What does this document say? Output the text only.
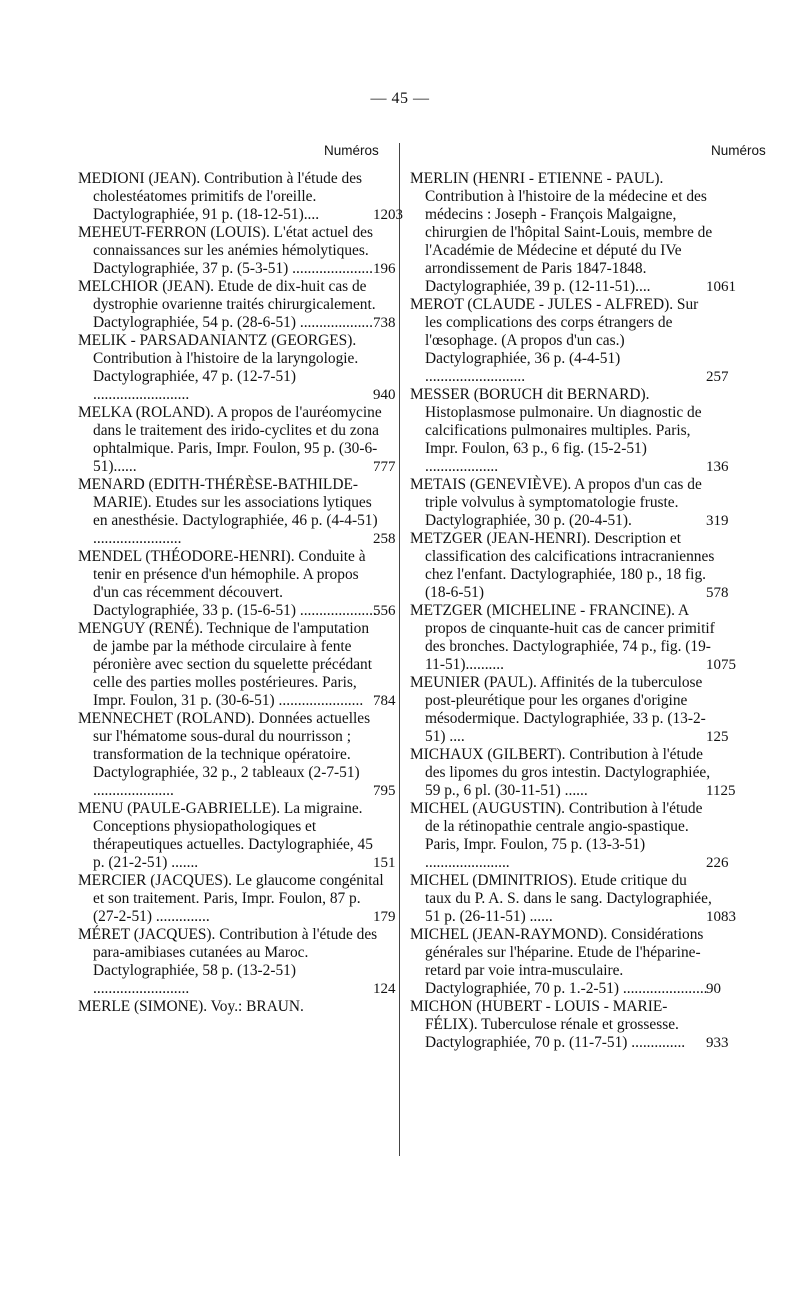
— 45 —
Numéros	Numéros

MEDIONI (JEAN). Contribution à l'étude des cholestéatomes primitifs de l'oreille. Dactylographiée, 91 p. (18-12-51)....	1203

MEHEUT-FERRON (LOUIS). L'état actuel des connaissances sur les anémies hémolytiques. Dactylographiée, 37 p. (5-3-51) ..................... 196

MELCHIOR (JEAN). Etude de dix-huit cas de dystrophie ovarienne traités chirurgicalement. Dactylographiée, 54 p. (28-6-51) ................... 738

MELIK - PARSADANIANTZ (GEORGES). Contribution à l'histoire de la laryngologie. Dactylographiée, 47 p. (12-7-51) .........................	940

MELKA (ROLAND). A propos de l'auréomycine dans le traitement des irido-cyclites et du zona ophtalmique. Paris, Impr. Foulon, 95 p. (30-6-51)......	777

MENARD (EDITH-THÉRÈSE-BATHILDE-MARIE). Etudes sur les associations lytiques en anesthésie. Dactylographiée, 46 p. (4-4-51) .......................	258

MENDEL (THÉODORE-HENRI). Conduite à tenir en présence d'un hémophile. A propos d'un cas récemment découvert. Dactylographiée, 33 p. (15-6-51) ....................
556

MENGUY (RENÉ). Technique de l'amputation de jambe par la méthode circulaire à fente péronière avec section du squelette précédant celle des parties molles postérieures. Paris, Impr. Foulon, 31 p. (30-6-51) ...................... 784

MENNECHET (ROLAND). Données actuelles sur l'hématome sous-dural du nourrisson ; transformation de la technique opératoire. Dactylographiée, 32 p., 2 tableaux (2-7-51) .....................	795

MENU (PAULE-GABRIELLE). La migraine. Conceptions physiopathologiques et thérapeutiques actuelles. Dactylographiée, 45 p. (21-2-51) .......	151

MERCIER (JACQUES). Le glaucome congénital et son traitement. Paris, Impr. Foulon, 87 p. (27-2-51) ..............	179

MÉRET (JACQUES). Contribution à l'étude des para-amibiases cutanées au Maroc. Dactylographiée, 58 p. (13-2-51) .........................	124

MERLE (SIMONE). Voy.: BRAUN.

MERLIN (HENRI - ETIENNE - PAUL). Contribution à l'histoire de la médecine et des médecins : Joseph - François Malgaigne, chirurgien de l'hôpital Saint-Louis, membre de l'Académie de Médecine et député du IVe arrondissement de Paris 1847-1848. Dactylographiée, 39 p. (12-11-51)....	1061

MEROT (CLAUDE - JULES - ALFRED). Sur les complications des corps étrangers de l'œsophage. (A propos d'un cas.) Dactylographiée, 36 p. (4-4-51) ..........................	257

MESSER (BORUCH dit BERNARD). Histoplasmose pulmonaire. Un diagnostic de calcifications pulmonaires multiples. Paris, Impr. Foulon, 63 p., 6 fig. (15-2-51) ...................	136

METAIS (GENEVIÈVE). A propos d'un cas de triple volvulus à symptomatologie fruste. Dactylographiée, 30 p. (20-4-51).	319

METZGER (JEAN-HENRI). Description et classification des calcifications intracraniennes chez l'enfant. Dactylographiée, 180 p., 18 fig. (18-6-51)	578

METZGER (MICHELINE - FRANCINE). A propos de cinquante-huit cas de cancer primitif des bronches. Dactylographiée, 74 p., fig. (19-11-51)..........	1075

MEUNIER (PAUL). Affinités de la tuberculose post-pleurétique pour les organes d'origine mésodermique. Dactylographiée, 33 p. (13-2-51) ....	125

MICHAUX (GILBERT). Contribution à l'étude des lipomes du gros intestin. Dactylographiée, 59 p., 6 pl. (30-11-51) ......	1125

MICHEL (AUGUSTIN). Contribution à l'étude de la rétinopathie centrale angio-spastique. Paris, Impr. Foulon, 75 p. (13-3-51) ......................	226

MICHEL (DMINITRIOS). Etude critique du taux du P. A. S. dans le sang. Dactylographiée, 51 p. (26-11-51) ......	1083

MICHEL (JEAN-RAYMOND). Considérations générales sur l'héparine. Etude de l'héparine-retard par voie intra-musculaire. Dactylographiée, 70 p. 1.-2-51) ......................
90

MICHON (HUBERT - LOUIS - MARIE-FÉLIX). Tuberculose rénale et grossesse. Dactylographiée, 70 p. (11-7-51) .............. 933
